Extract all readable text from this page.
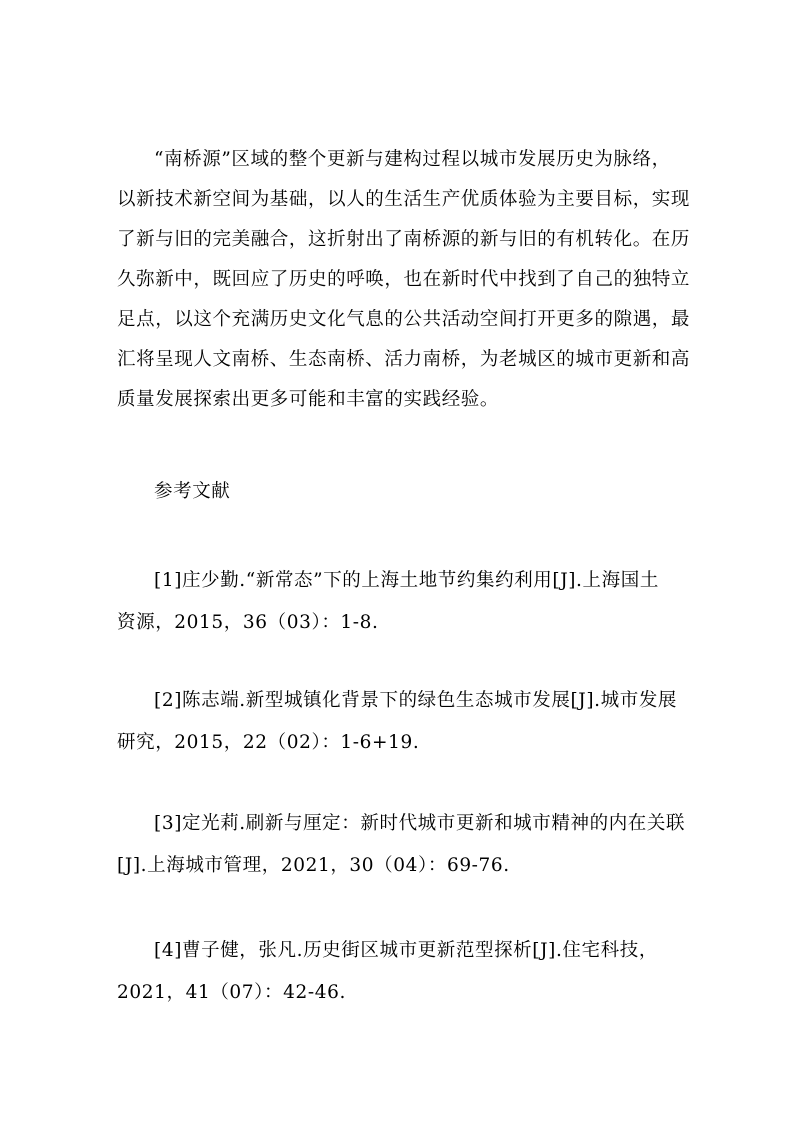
“南桥源”区域的整个更新与建构过程以城市发展历史为脉络，
以新技术新空间为基础，以人的生活生产优质体验为主要目标，实现
了新与旧的完美融合，这折射出了南桥源的新与旧的有机转化。在历
久弥新中，既回应了历史的呼唤，也在新时代中找到了自己的独特立
足点，以这个充满历史文化气息的公共活动空间打开更多的隙遇，最
汇将呈现人文南桥、生态南桥、活力南桥，为老城区的城市更新和高
质量发展探索出更多可能和丰富的实践经验。
参考文献
[1]庄少勤.“新常态”下的上海土地节约集约利用[J].上海国土
资源，2015，36（03）：1-8.
[2]陈志端.新型城镇化背景下的绿色生态城市发展[J].城市发展
研究，2015，22（02）：1-6+19.
[3]定光莉.刷新与厘定：新时代城市更新和城市精神的内在关联
[J].上海城市管理，2021，30（04）：69-76.
[4]曹子健，张凡.历史街区城市更新范型探析[J].住宅科技，
2021，41（07）：42-46.
